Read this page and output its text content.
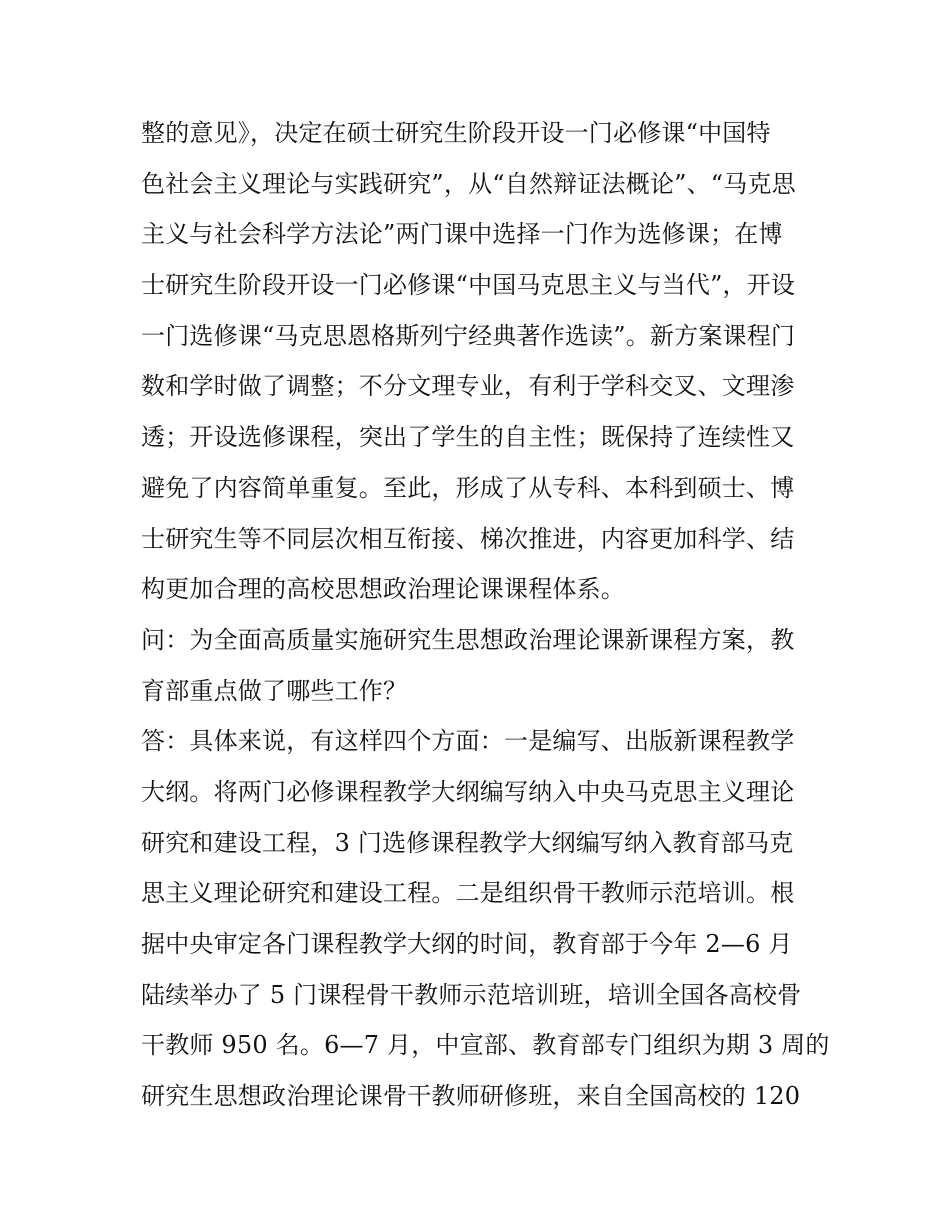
整的意见》，决定在硕士研究生阶段开设一门必修课“中国特
色社会主义理论与实践研究”，从“自然辩证法概论”、“马克思
主义与社会科学方法论”两门课中选择一门作为选修课；在博
士研究生阶段开设一门必修课“中国马克思主义与当代”，开设
一门选修课“马克思恩格斯列宁经典著作选读”。新方案课程门
数和学时做了调整；不分文理专业，有利于学科交叉、文理渗
透；开设选修课程，突出了学生的自主性；既保持了连续性又
避免了内容简单重复。至此，形成了从专科、本科到硕士、博
士研究生等不同层次相互衔接、梯次推进，内容更加科学、结
构更加合理的高校思想政治理论课课程体系。
问：为全面高质量实施研究生思想政治理论课新课程方案，教
育部重点做了哪些工作？
答：具体来说，有这样四个方面：一是编写、出版新课程教学
大纲。将两门必修课程教学大纲编写纳入中央马克思主义理论
研究和建设工程，3 门选修课程教学大纲编写纳入教育部马克
思主义理论研究和建设工程。二是组织骨干教师示范培训。根
据中央审定各门课程教学大纲的时间，教育部于今年 2—6 月
陆续举办了 5 门课程骨干教师示范培训班，培训全国各高校骨
干教师 950 名。6—7 月，中宣部、教育部专门组织为期 3 周的
研究生思想政治理论课骨干教师研修班，来自全国高校的 120
